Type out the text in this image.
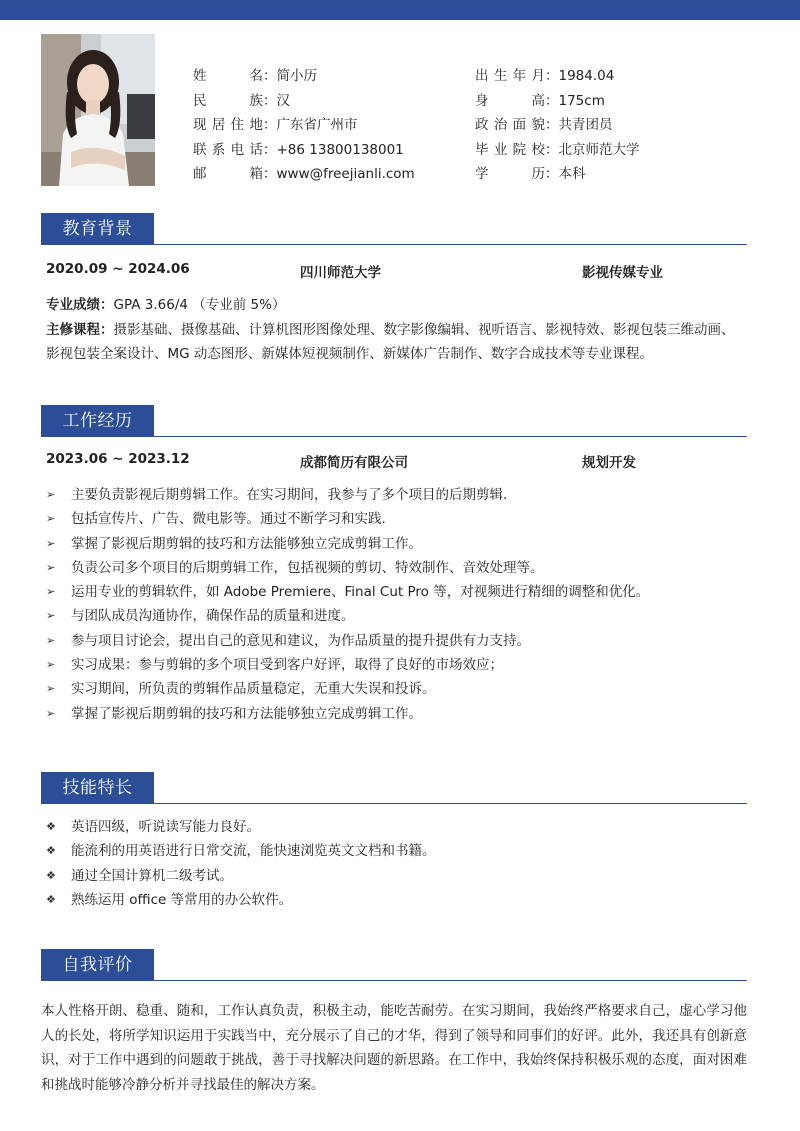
姓名：简小历
民族：汉
现居住地：广东省广州市
联系电话：+86 13800138001
邮箱：www@freejianli.com
出生年月：1984.04
身高：175cm
政治面貌：共青团员
毕业院校：北京师范大学
学历：本科
教育背景
2020.09 ~ 2024.06	四川师范大学	影视传媒专业
专业成绩：GPA 3.66/4 （专业前 5%）
主修课程：摄影基础、摄像基础、计算机图形图像处理、数字影像编辑、视听语言、影视特效、影视包装三维动画、影视包装全案设计、MG 动态图形、新媒体短视频制作、新媒体广告制作、数字合成技术等专业课程。
工作经历
2023.06 ~ 2023.12	成都简历有限公司	规划开发
➢ 主要负责影视后期剪辑工作。在实习期间，我参与了多个项目的后期剪辑.
➢ 包括宣传片、广告、微电影等。通过不断学习和实践.
➢ 掌握了影视后期剪辑的技巧和方法能够独立完成剪辑工作。
➢ 负责公司多个项目的后期剪辑工作，包括视频的剪切、特效制作、音效处理等。
➢ 运用专业的剪辑软件，如 Adobe Premiere、Final Cut Pro 等，对视频进行精细的调整和优化。
➢ 与团队成员沟通协作，确保作品的质量和进度。
➢ 参与项目讨论会，提出自己的意见和建议，为作品质量的提升提供有力支持。
➢ 实习成果：参与剪辑的多个项目受到客户好评，取得了良好的市场效应；
➢ 实习期间，所负责的剪辑作品质量稳定，无重大失误和投诉。
➢ 掌握了影视后期剪辑的技巧和方法能够独立完成剪辑工作。
技能特长
❖ 英语四级，听说读写能力良好。
❖ 能流利的用英语进行日常交流，能快速浏览英文文档和书籍。
❖ 通过全国计算机二级考试。
❖ 熟练运用 office 等常用的办公软件。
自我评价
本人性格开朗、稳重、随和，工作认真负责，积极主动，能吃苦耐劳。在实习期间，我始终严格要求自己，虚心学习他人的长处，将所学知识运用于实践当中，充分展示了自己的才华，得到了领导和同事们的好评。此外，我还具有创新意识，对于工作中遇到的问题敢于挑战，善于寻找解决问题的新思路。在工作中，我始终保持积极乐观的态度，面对困难和挑战时能够冷静分析并寻找最佳的解决方案。
